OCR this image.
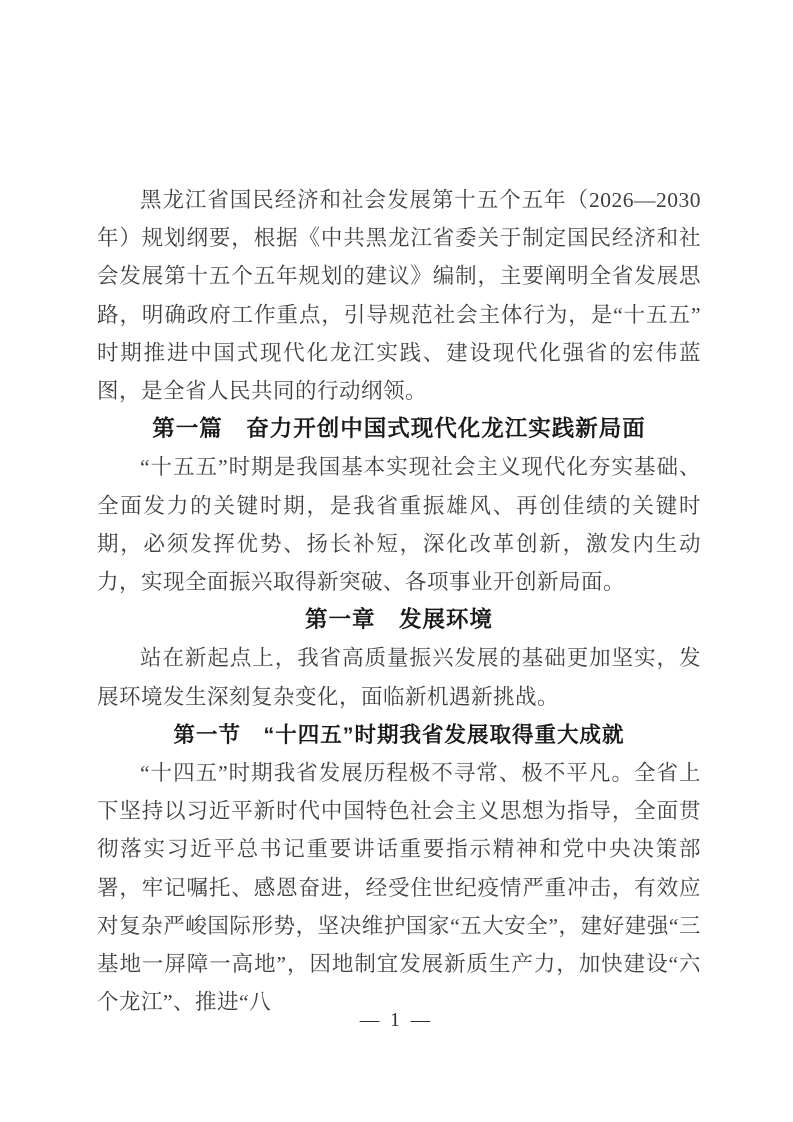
黑龙江省国民经济和社会发展第十五个五年（2026—2030年）规划纲要，根据《中共黑龙江省委关于制定国民经济和社会发展第十五个五年规划的建议》编制，主要阐明全省发展思路，明确政府工作重点，引导规范社会主体行为，是“十五五”时期推进中国式现代化龙江实践、建设现代化强省的宏伟蓝图，是全省人民共同的行动纲领。

第一篇　奋力开创中国式现代化龙江实践新局面

“十五五”时期是我国基本实现社会主义现代化夯实基础、全面发力的关键时期，是我省重振雄风、再创佳绩的关键时期，必须发挥优势、扬长补短，深化改革创新，激发内生动力，实现全面振兴取得新突破、各项事业开创新局面。

第一章　发展环境

站在新起点上，我省高质量振兴发展的基础更加坚实，发展环境发生深刻复杂变化，面临新机遇新挑战。

第一节　“十四五”时期我省发展取得重大成就

“十四五”时期我省发展历程极不寻常、极不平凡。全省上下坚持以习近平新时代中国特色社会主义思想为指导，全面贯彻落实习近平总书记重要讲话重要指示精神和党中央决策部署，牢记嘱托、感恩奋进，经受住世纪疫情严重冲击，有效应对复杂严峻国际形势，坚决维护国家“五大安全”，建好建强“三基地一屏障一高地”，因地制宜发展新质生产力，加快建设“六个龙江”、推进“八

— 1 —
